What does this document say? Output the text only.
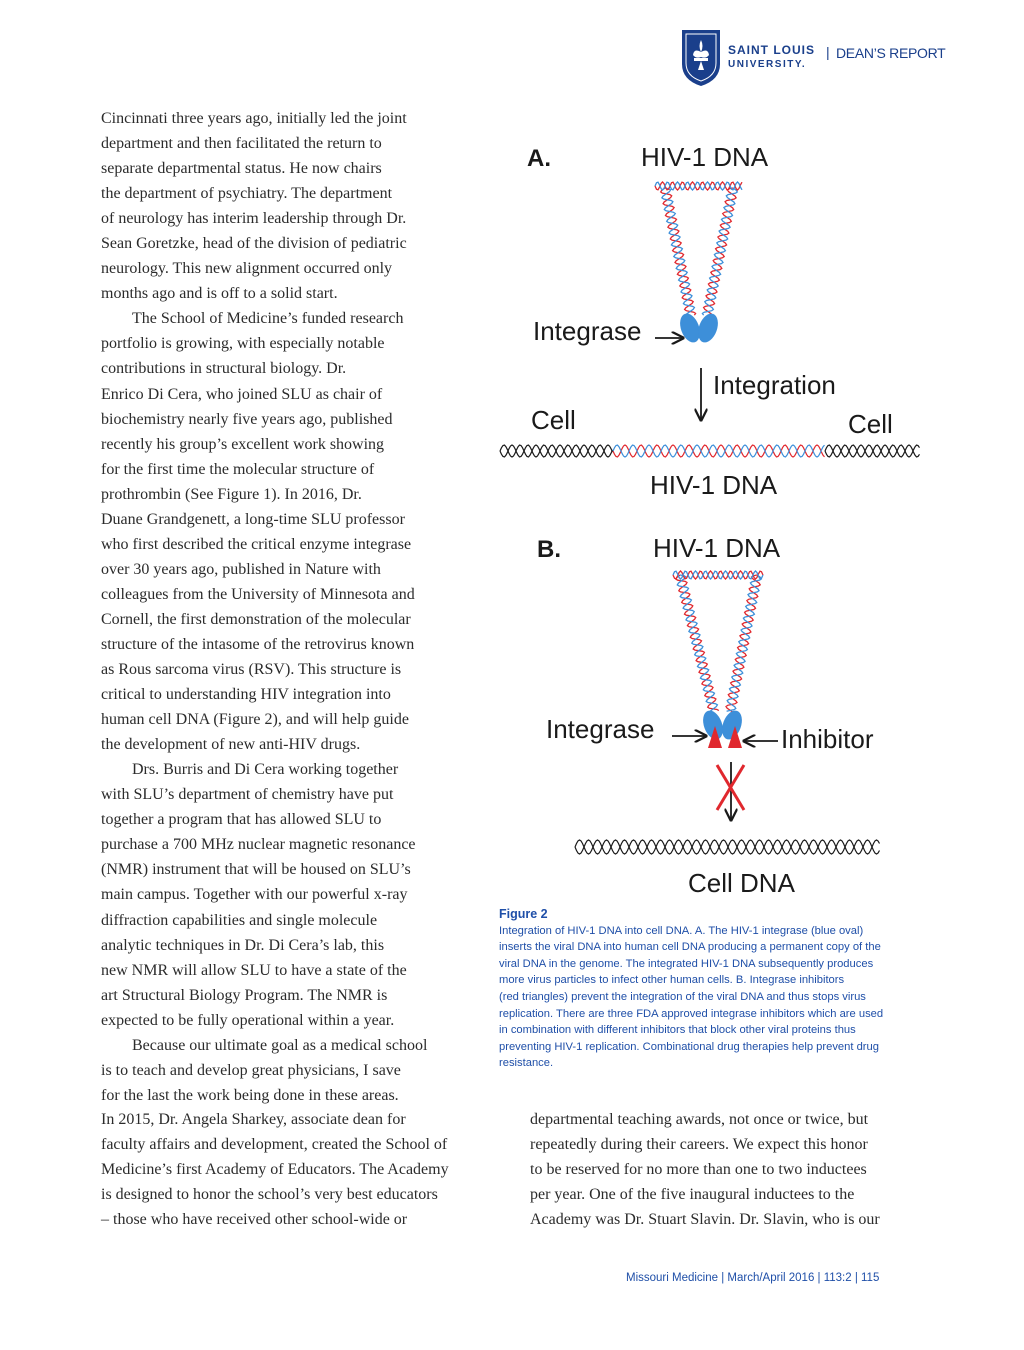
SAINT LOUIS
UNIVERSITY.
| DEAN’S REPORT

Cincinnati three years ago, initially led the joint
department and then facilitated the return to
separate departmental status. He now chairs
the department of psychiatry. The department
of neurology has interim leadership through Dr.
Sean Goretzke, head of the division of pediatric
neurology. This new alignment occurred only
months ago and is off to a solid start.

The School of Medicine’s funded research
portfolio is growing, with especially notable
contributions in structural biology. Dr.
Enrico Di Cera, who joined SLU as chair of
biochemistry nearly five years ago, published
recently his group’s excellent work showing
for the first time the molecular structure of
prothrombin (See Figure 1). In 2016, Dr.
Duane Grandgenett, a long-time SLU professor
who first described the critical enzyme integrase
over 30 years ago, published in Nature with
colleagues from the University of Minnesota and
Cornell, the first demonstration of the molecular
structure of the intasome of the retrovirus known
as Rous sarcoma virus (RSV). This structure is
critical to understanding HIV integration into
human cell DNA (Figure 2), and will help guide
the development of new anti-HIV drugs.

Drs. Burris and Di Cera working together
with SLU’s department of chemistry have put
together a program that has allowed SLU to
purchase a 700 MHz nuclear magnetic resonance
(NMR) instrument that will be housed on SLU’s
main campus. Together with our powerful x-ray
diffraction capabilities and single molecule
analytic techniques in Dr. Di Cera’s lab, this
new NMR will allow SLU to have a state of the
art Structural Biology Program. The NMR is
expected to be fully operational within a year.

Because our ultimate goal as a medical school
is to teach and develop great physicians, I save
for the last the work being done in these areas.

A.	HIV-1 DNA
Integrase
Integration
Cell	Cell
HIV-1 DNA
B.	HIV-1 DNA
Integrase	Inhibitor
Cell DNA
Figure 2
Integration of HIV-1 DNA into cell DNA. A. The HIV-1 integrase (blue oval)
inserts the viral DNA into human cell DNA producing a permanent copy of the
viral DNA in the genome. The integrated HIV-1 DNA subsequently produces
more virus particles to infect other human cells. B. Integrase inhibitors
(red triangles) prevent the integration of the viral DNA and thus stops virus
replication. There are three FDA approved integrase inhibitors which are used
in combination with different inhibitors that block other viral proteins thus
preventing HIV-1 replication. Combinational drug therapies help prevent drug
resistance.
In 2015, Dr. Angela Sharkey, associate dean for
faculty affairs and development, created the School of
Medicine’s first Academy of Educators. The Academy
is designed to honor the school’s very best educators
– those who have received other school-wide or
departmental teaching awards, not once or twice, but
repeatedly during their careers. We expect this honor
to be reserved for no more than one to two inductees
per year. One of the five inaugural inductees to the
Academy was Dr. Stuart Slavin. Dr. Slavin, who is our
Missouri Medicine | March/April 2016 | 113:2 | 115
